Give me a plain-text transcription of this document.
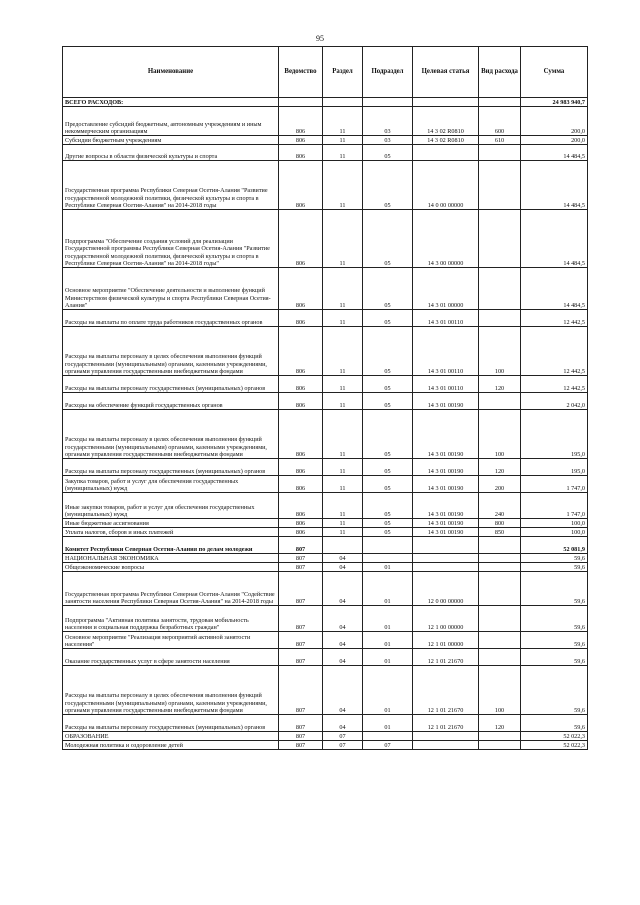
95
Наименование	Ведомство	Раздел	Подраздел	Целевая статья	Вид расхода	Сумма
ВСЕГО РАСХОДОВ:						24 983 940,7
Предоставление субсидий бюджетным, автономным учреждениям и иным некоммерческим организациям	806	11	03	14 3 02 R0810	600	200,0
Субсидии бюджетным учреждениям	806	11	03	14 3 02 R0810	610	200,0
Другие вопросы в области физической культуры и спорта	806	11	05			14 484,5
Государственная программа Республики Северная Осетия-Алания "Развитие государственной молодежной политики, физической культуры и спорта в Республике Северная Осетия-Алания" на 2014-2018 годы	806	11	05	14 0 00 00000		14 484,5
Подпрограмма "Обеспечение создания условий для реализации Государственной программы Республики Северная Осетия-Алания "Развитие государственной молодежной политики, физической культуры и спорта в Республике Северная Осетия-Алания" на 2014-2018 годы"	806	11	05	14 3 00 00000		14 484,5
Основное мероприятие "Обеспечение деятельности и выполнение функций Министерством физической культуры и спорта Республики Северная Осетия-Алания"	806	11	05	14 3 01 00000		14 484,5
Расходы на выплаты по оплате труда работников государственных органов	806	11	05	14 3 01 00110		12 442,5
Расходы на выплаты персоналу в целях обеспечения выполнения функций государственными (муниципальными) органами, казенными учреждениями, органами управления государственными внебюджетными фондами	806	11	05	14 3 01 00110	100	12 442,5
Расходы на выплаты персоналу государственных (муниципальных) органов	806	11	05	14 3 01 00110	120	12 442,5
Расходы на обеспечение функций государственных органов	806	11	05	14 3 01 00190		2 042,0
Расходы на выплаты персоналу в целях обеспечения выполнения функций государственными (муниципальными) органами, казенными учреждениями, органами управления государственными внебюджетными фондами	806	11	05	14 3 01 00190	100	195,0
Расходы на выплаты персоналу государственных (муниципальных) органов	806	11	05	14 3 01 00190	120	195,0
Закупка товаров, работ и услуг для обеспечения государственных (муниципальных) нужд	806	11	05	14 3 01 00190	200	1 747,0
Иные закупки товаров, работ и услуг для обеспечения государственных (муниципальных) нужд	806	11	05	14 3 01 00190	240	1 747,0
Иные бюджетные ассигнования	806	11	05	14 3 01 00190	800	100,0
Уплата налогов, сборов и иных платежей	806	11	05	14 3 01 00190	850	100,0
Комитет Республики Северная Осетия-Алания по делам молодежи	807					52 081,9
НАЦИОНАЛЬНАЯ ЭКОНОМИКА	807	04				59,6
Общеэкономические вопросы	807	04	01			59,6
Государственная программа Республики Северная Осетия-Алания "Содействие занятости населения Республики Северная Осетия-Алания" на 2014-2018 годы	807	04	01	12 0 00 00000		59,6
Подпрограмма "Активная политика занятости, трудовая мобильность населения и социальная поддержка безработных граждан"	807	04	01	12 1 00 00000		59,6
Основное мероприятие "Реализация мероприятий активной занятости населения"	807	04	01	12 1 01 00000		59,6
Оказание государственных услуг в сфере занятости населения	807	04	01	12 1 01 21670		59,6
Расходы на выплаты персоналу в целях обеспечения выполнения функций государственными (муниципальными) органами, казенными учреждениями, органами управления государственными внебюджетными фондами	807	04	01	12 1 01 21670	100	59,6
Расходы на выплаты персоналу государственных (муниципальных) органов	807	04	01	12 1 01 21670	120	59,6
ОБРАЗОВАНИЕ	807	07				52 022,3
Молодежная политика и оздоровление детей	807	07	07			52 022,3
